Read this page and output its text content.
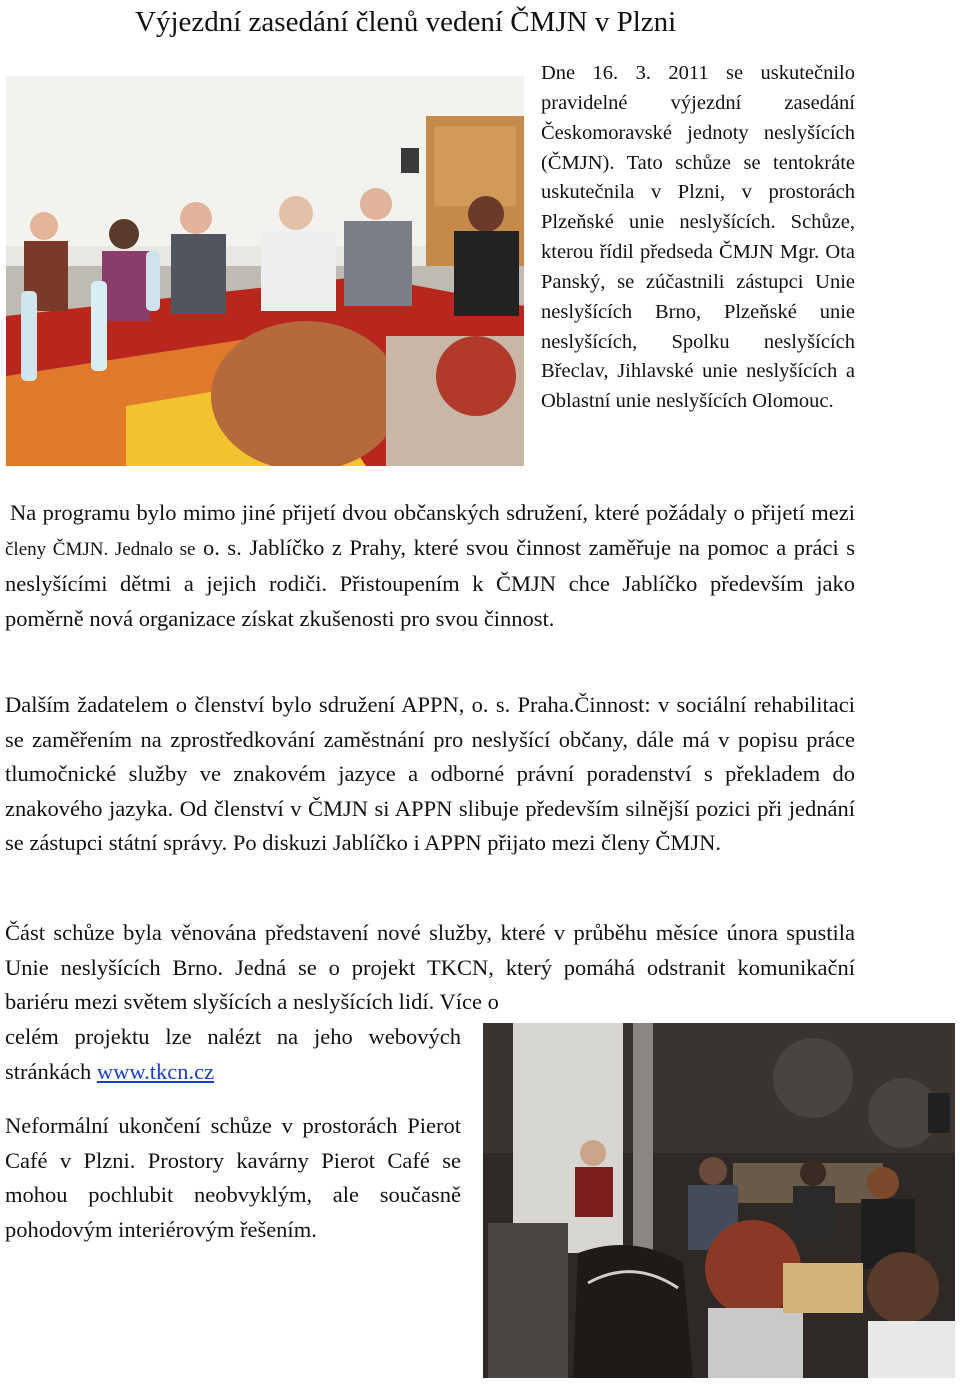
Výjezdní zasedání členů vedení ČMJN v Plzni
Dne 16. 3. 2011 se uskutečnilo pravidelné výjezdní zasedání Českomoravské jednoty neslyšících (ČMJN). Tato schůze se tentokráte uskutečnila v Plzni, v prostorách Plzeňské unie neslyšících. Schůze, kterou řídil předseda ČMJN Mgr. Ota Panský, se zúčastnili zástupci Unie neslyšících Brno, Plzeňské unie neslyšících, Spolku neslyšících Břeclav, Jihlavské unie neslyšících a Oblastní unie neslyšících Olomouc.
Na programu bylo mimo jiné přijetí dvou občanských sdružení, které požádaly o přijetí mezi členy ČMJN. Jednalo se o. s. Jablíčko z Prahy, které svou činnost zaměřuje na pomoc a práci s neslyšícími dětmi a jejich rodiči. Přistoupením k ČMJN chce Jablíčko především jako poměrně nová organizace získat zkušenosti pro svou činnost.
Dalším žadatelem o členství bylo sdružení APPN, o. s. Praha.Činnost: v sociální rehabilitaci se zaměřením na zprostředkování zaměstnání pro neslyšící občany, dále má v popisu práce tlumočnické služby ve znakovém jazyce a odborné právní poradenství s překladem do znakového jazyka. Od členství v ČMJN si APPN slibuje především silnější pozici při jednání se zástupci státní správy. Po diskuzi Jablíčko i APPN přijato mezi členy ČMJN.
Část schůze byla věnována představení nové služby, které v průběhu měsíce února spustila Unie neslyšících Brno. Jedná se o projekt TKCN, který pomáhá odstranit komunikační bariéru mezi světem slyšících a neslyšících lidí. Více o
celém projektu lze nalézt na jeho webových stránkách www.tkcn.cz
Neformální ukončení schůze v prostorách Pierot Café v Plzni. Prostory kavárny Pierot Café se mohou pochlubit neobvyklým, ale současně pohodovým interiérovým řešením.
